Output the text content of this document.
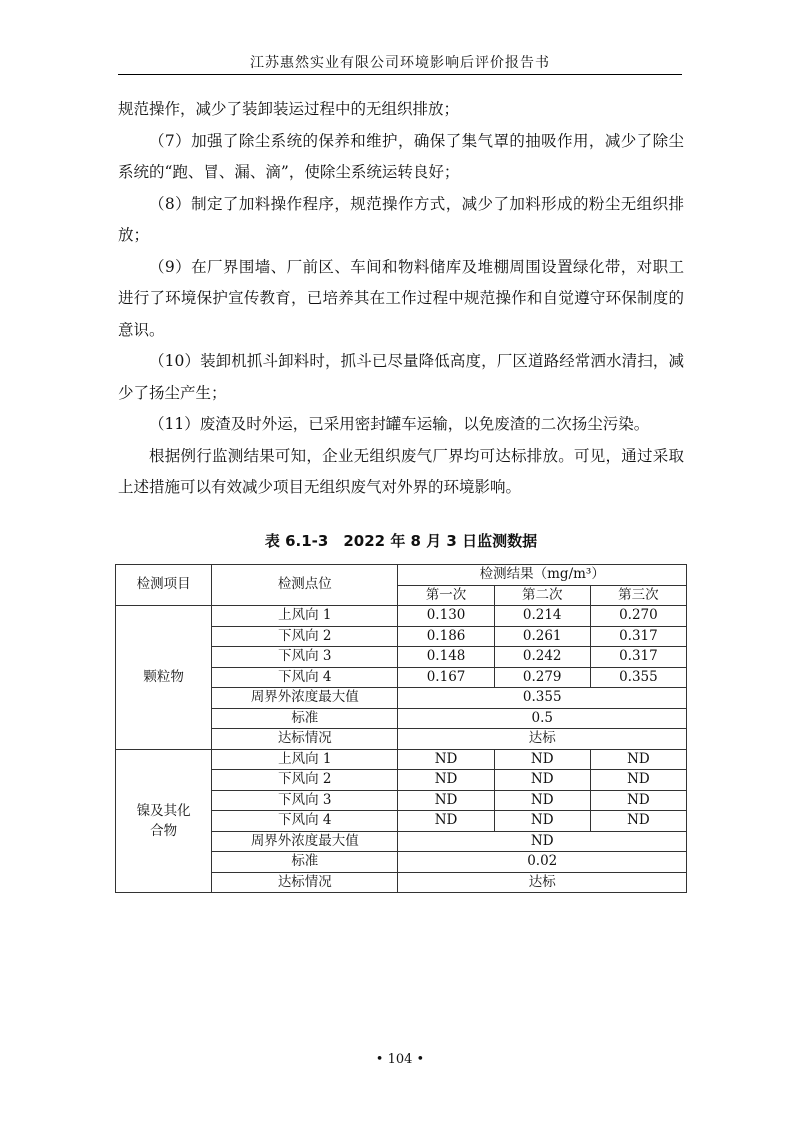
江苏惠然实业有限公司环境影响后评价报告书

规范操作，减少了装卸装运过程中的无组织排放；

（7）加强了除尘系统的保养和维护，确保了集气罩的抽吸作用，减少了除尘系统的“跑、冒、漏、滴”，使除尘系统运转良好；

（8）制定了加料操作程序，规范操作方式，减少了加料形成的粉尘无组织排放；

（9）在厂界围墙、厂前区、车间和物料储库及堆棚周围设置绿化带，对职工进行了环境保护宣传教育，已培养其在工作过程中规范操作和自觉遵守环保制度的意识。

（10）装卸机抓斗卸料时，抓斗已尽量降低高度，厂区道路经常洒水清扫，减少了扬尘产生；

（11）废渣及时外运，已采用密封罐车运输，以免废渣的二次扬尘污染。

根据例行监测结果可知，企业无组织废气厂界均可达标排放。可见，通过采取上述措施可以有效减少项目无组织废气对外界的环境影响。

表 6.1-3　2022 年 8 月 3 日监测数据
检测项目	检测点位	检测结果（mg/m³）		
		第一次	第二次	第三次
颗粒物	上风向 1	0.130	0.214	0.270
	下风向 2	0.186	0.261	0.317
	下风向 3	0.148	0.242	0.317
	下风向 4	0.167	0.279	0.355
	周界外浓度最大值	0.355		
	标准	0.5		
	达标情况	达标		
镍及其化合物	上风向 1	ND	ND	ND
	下风向 2	ND	ND	ND
	下风向 3	ND	ND	ND
	下风向 4	ND	ND	ND
	周界外浓度最大值	ND		
	标准	0.02		
	达标情况	达标		
• 104 •
